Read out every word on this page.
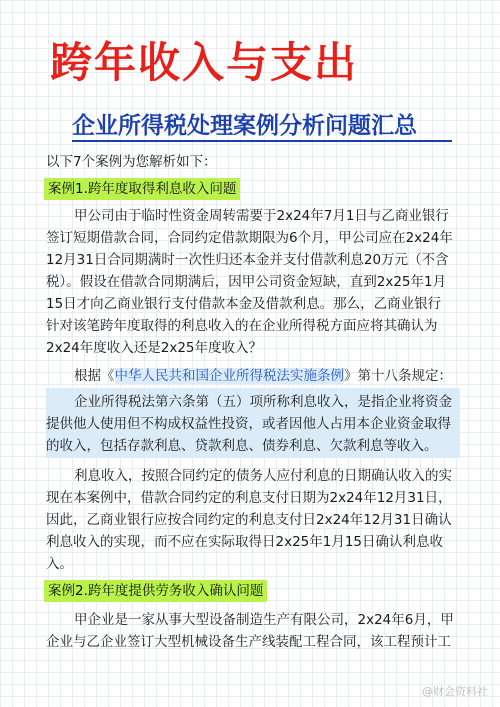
跨年收入与支出
企业所得税处理案例分析问题汇总
以下7个案例为您解析如下：
案例1.跨年度取得利息收入问题
甲公司由于临时性资金周转需要于2x24年7月1日与乙商业银行
签订短期借款合同，合同约定借款期限为6个月，甲公司应在2x24年
12月31日合同期满时一次性归还本金并支付借款利息20万元（不含
税）。假设在借款合同期满后，因甲公司资金短缺，直到2x25年1月
15日才向乙商业银行支付借款本金及借款利息。那么，乙商业银行
针对该笔跨年度取得的利息收入的在企业所得税方面应将其确认为
2x24年度收入还是2x25年度收入？
根据《中华人民共和国企业所得税法实施条例》第十八条规定：
企业所得税法第六条第（五）项所称利息收入，是指企业将资金
提供他人使用但不构成权益性投资，或者因他人占用本企业资金取得
的收入，包括存款利息、贷款利息、债券利息、欠款利息等收入。
利息收入，按照合同约定的债务人应付利息的日期确认收入的实
现在本案例中，借款合同约定的利息支付日期为2x24年12月31日，
因此，乙商业银行应按合同约定的利息支付日2x24年12月31日确认
利息收入的实现，而不应在实际取得日2x25年1月15日确认利息收
入。
案例2.跨年度提供劳务收入确认问题
甲企业是一家从事大型设备制造生产有限公司，2x24年6月，甲
企业与乙企业签订大型机械设备生产线装配工程合同，该工程预计工
@财会资料社
